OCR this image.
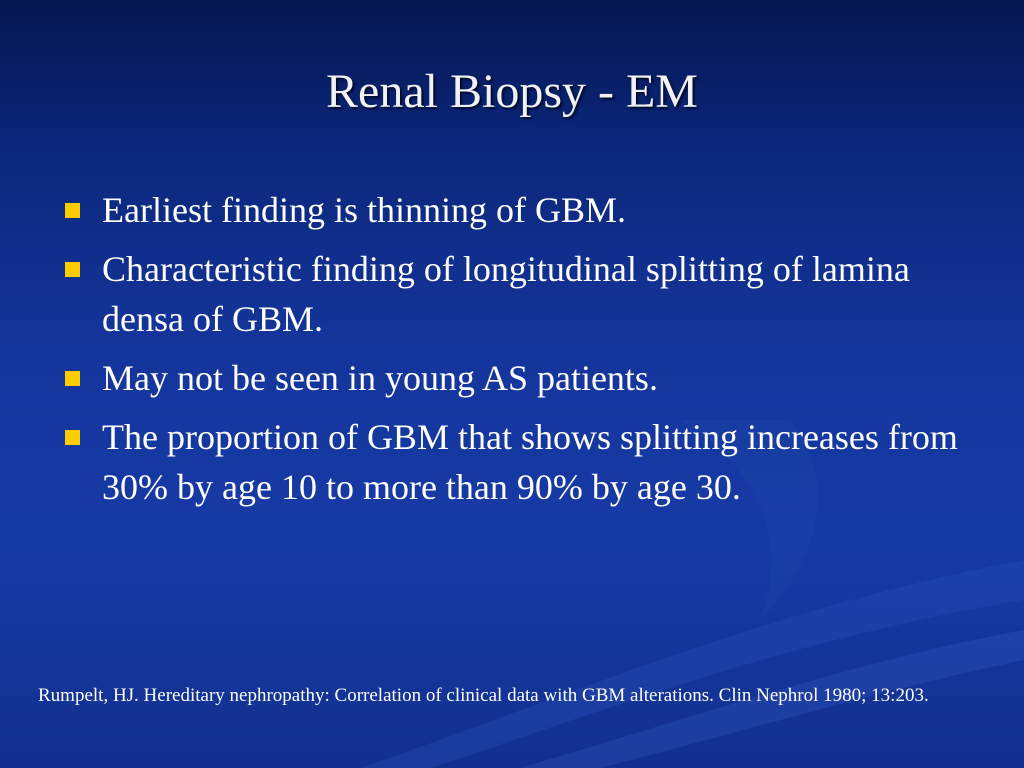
Renal Biopsy - EM
Earliest finding is thinning of GBM.
Characteristic finding of longitudinal splitting of lamina densa of GBM.
May not be seen in young AS patients.
The proportion of GBM that shows splitting increases from 30% by age 10 to more than 90% by age 30.
Rumpelt, HJ. Hereditary nephropathy: Correlation of clinical data with GBM alterations. Clin Nephrol 1980; 13:203.
